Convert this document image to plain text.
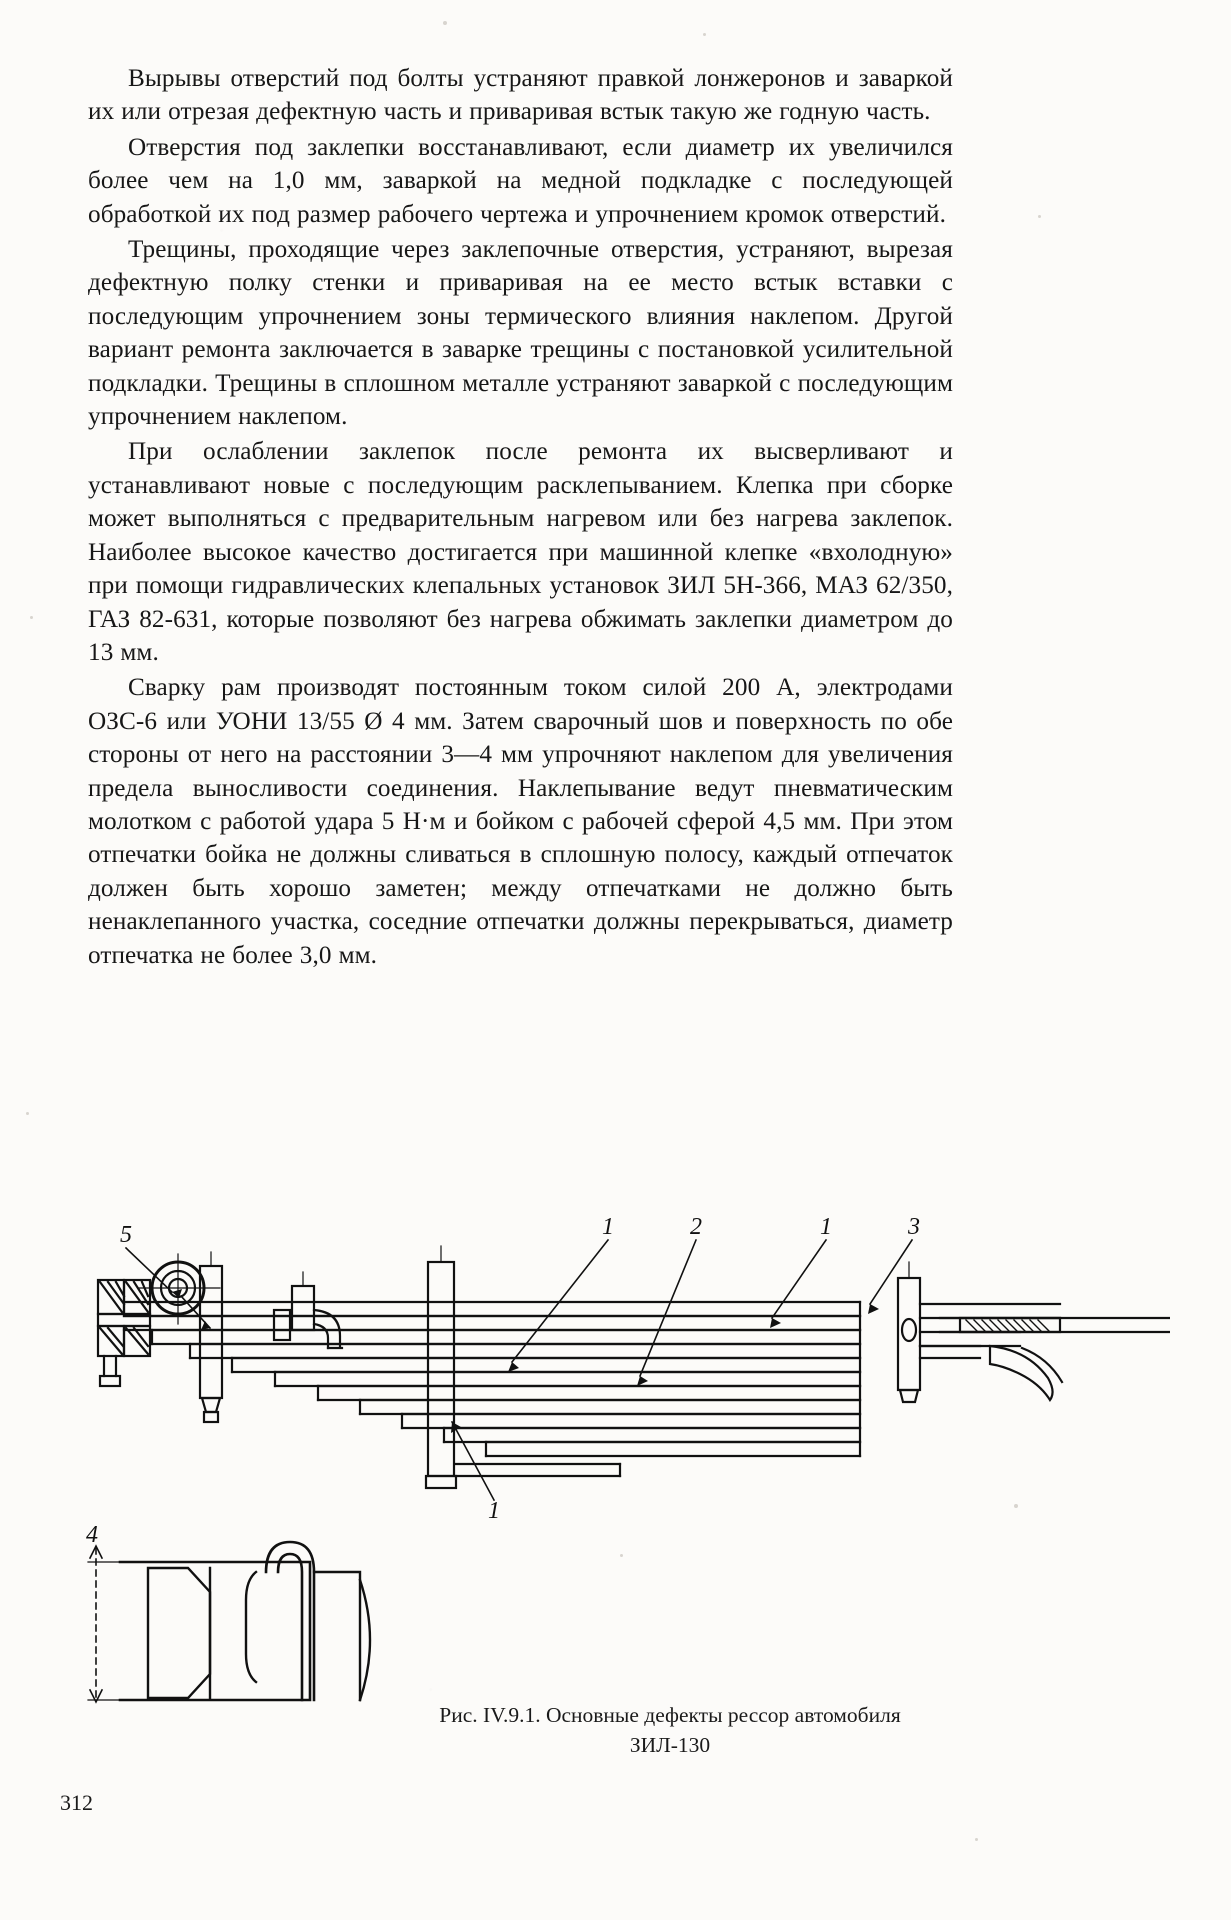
Вырывы отверстий под болты устраняют правкой лонжеронов и заваркой их или отрезая дефектную часть и приваривая встык такую же годную часть.

Отверстия под заклепки восстанавливают, если диаметр их увеличился более чем на 1,0 мм, заваркой на медной подкладке с последующей обработкой их под размер рабочего чертежа и упрочнением кромок отверстий.

Трещины, проходящие через заклепочные отверстия, устраняют, вырезая дефектную полку стенки и приваривая на ее место встык вставки с последующим упрочнением зоны термического влияния наклепом. Другой вариант ремонта заключается в заварке трещины с постановкой усилительной подкладки. Трещины в сплошном металле устраняют заваркой с последующим упрочнением наклепом.

При ослаблении заклепок после ремонта их высверливают и устанавливают новые с последующим расклепыванием. Клепка при сборке может выполняться с предварительным нагревом или без нагрева заклепок. Наиболее высокое качество достигается при машинной клепке «вхолодную» при помощи гидравлических клепальных установок ЗИЛ 5Н-366, МАЗ 62/350, ГАЗ 82-631, которые позволяют без нагрева обжимать заклепки диаметром до 13 мм.

Сварку рам производят постоянным током силой 200 А, электродами ОЗС-6 или УОНИ 13/55 Ø 4 мм. Затем сварочный шов и поверхность по обе стороны от него на расстоянии 3—4 мм упрочняют наклепом для увеличения предела выносливости соединения. Наклепывание ведут пневматическим молотком с работой удара 5 Н·м и бойком с рабочей сферой 4,5 мм. При этом отпечатки бойка не должны сливаться в сплошную полосу, каждый отпечаток должен быть хорошо заметен; между отпечатками не должно быть ненаклепанного участка, соседние отпечатки должны перекрываться, диаметр отпечатка не более 3,0 мм.

5	1	2	1	3
1
4
Рис. IV.9.1. Основные дефекты рессор автомобиля
ЗИЛ-130
312
